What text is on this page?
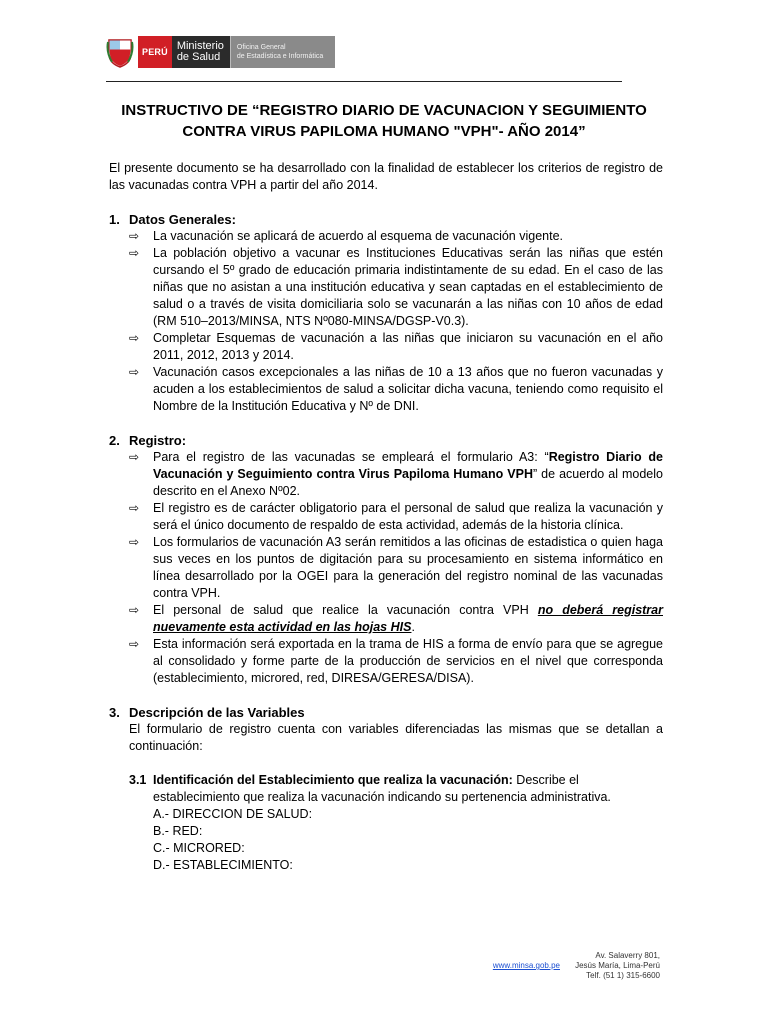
PERÚ Ministerio
de Salud
Oficina General
de Estadística e Informática
INSTRUCTIVO DE “REGISTRO DIARIO DE VACUNACION Y SEGUIMIENTO
CONTRA VIRUS PAPILOMA HUMANO "VPH"- AÑO 2014”

El presente documento se ha desarrollado con la finalidad de establecer los criterios de registro de las vacunadas contra VPH a partir del año 2014.

1. Datos Generales:
⇨ La vacunación se aplicará de acuerdo al esquema de vacunación vigente.
⇨ La población objetivo a vacunar es Instituciones Educativas serán las niñas que estén cursando el 5º grado de educación primaria indistintamente de su edad. En el caso de las niñas que no asistan a una institución educativa y sean captadas en el establecimiento de salud o a través de visita domiciliaria solo se vacunarán a las niñas con 10 años de edad (RM 510–2013/MINSA, NTS Nº080-MINSA/DGSP-V0.3).
⇨ Completar Esquemas de vacunación a las niñas que iniciaron su vacunación en el año 2011, 2012, 2013 y 2014.
⇨ Vacunación casos excepcionales a las niñas de 10 a 13 años que no fueron vacunadas y acuden a los establecimientos de salud a solicitar dicha vacuna, teniendo como requisito el Nombre de la Institución Educativa y Nº de DNI.
2. Registro:
⇨ Para el registro de las vacunadas se empleará el formulario A3: “Registro Diario de Vacunación y Seguimiento contra Virus Papiloma Humano VPH” de acuerdo al modelo descrito en el Anexo Nº02.
⇨ El registro es de carácter obligatorio para el personal de salud que realiza la vacunación y será el único documento de respaldo de esta actividad, además de la historia clínica.
⇨ Los formularios de vacunación A3 serán remitidos a las oficinas de estadistica o quien haga sus veces en los puntos de digitación para su procesamiento en sistema informático en línea desarrollado por la OGEI para la generación del registro nominal de las vacunadas contra VPH.
⇨ El personal de salud que realice la vacunación contra VPH no deberá registrar nuevamente esta actividad en las hojas HIS.
⇨ Esta información será exportada en la trama de HIS a forma de envío para que se agregue al consolidado y forme parte de la producción de servicios en el nivel que corresponda (establecimiento, microred, red, DIRESA/GERESA/DISA).
3. Descripción de las Variables

El formulario de registro cuenta con variables diferenciadas las mismas que se detallan a continuación:

3.1 Identificación del Establecimiento que realiza la vacunación: Describe el establecimiento que realiza la vacunación indicando su pertenencia administrativa.
A.- DIRECCION DE SALUD:
B.- RED:
C.- MICRORED:
D.- ESTABLECIMIENTO:
Av. Salaverry 801,
Jesús María, Lima-Perú
Telf. (51 1) 315-6600
www.minsa.gob.pe
